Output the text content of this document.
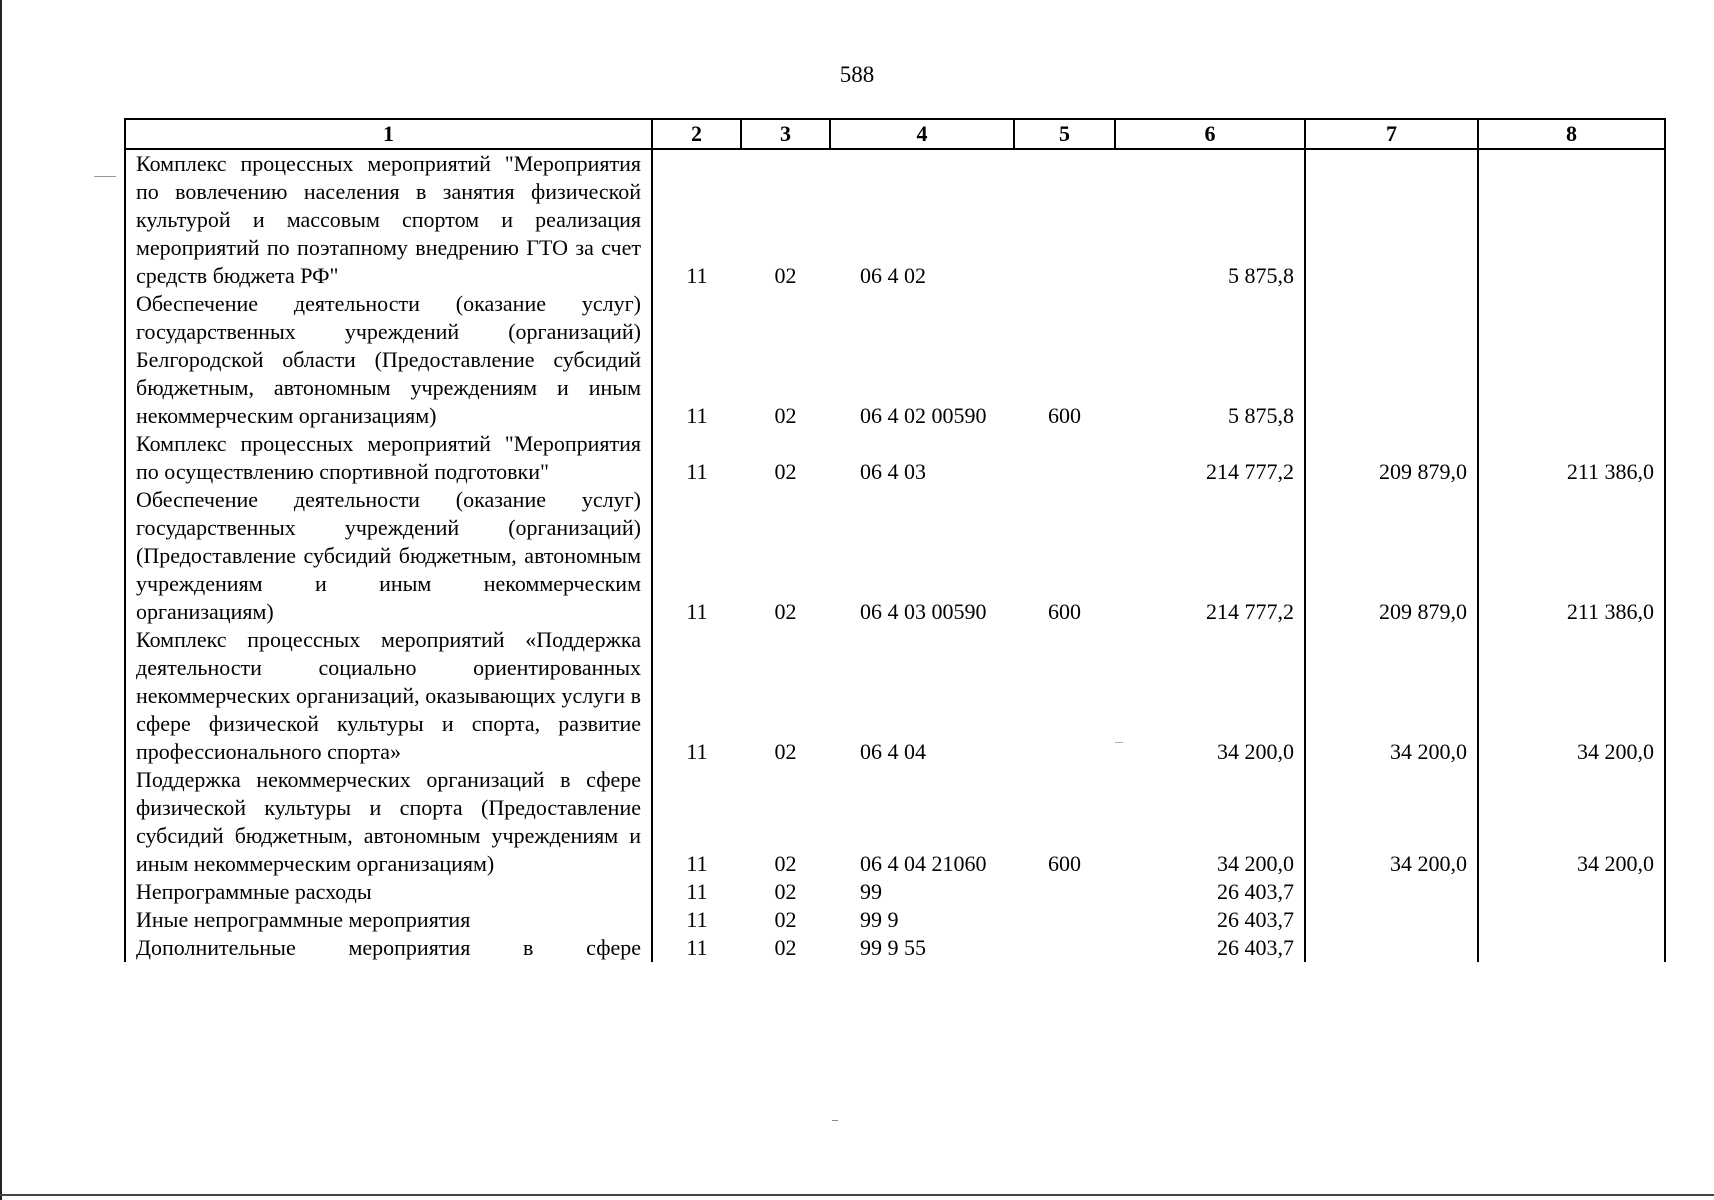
588
1	2	3	4	5	6	7	8
Комплекс процессных мероприятий "Мероприятия по вовлечению населения в занятия физической культурой и массовым спортом и реализация мероприятий по поэтапному внедрению ГТО за счет средств бюджета РФ"	11	02	06 4 02		5 875,8		
Обеспечение деятельности (оказание услуг) государственных учреждений (организаций) Белгородской области (Предоставление субсидий бюджетным, автономным учреждениям и иным некоммерческим организациям)	11	02	06 4 02 00590	600	5 875,8		
Комплекс процессных мероприятий "Мероприятия по осуществлению спортивной подготовки"	11	02	06 4 03		214 777,2	209 879,0	211 386,0
Обеспечение деятельности (оказание услуг) государственных учреждений (организаций) (Предоставление субсидий бюджетным, автономным учреждениям и иным некоммерческим организациям)	11	02	06 4 03 00590	600	214 777,2	209 879,0	211 386,0
Комплекс процессных мероприятий «Поддержка деятельности социально ориентированных некоммерческих организаций, оказывающих услуги в сфере физической культуры и спорта, развитие профессионального спорта»	11	02	06 4 04		34 200,0	34 200,0	34 200,0
Поддержка некоммерческих организаций в сфере физической культуры и спорта (Предоставление субсидий бюджетным, автономным учреждениям и иным некоммерческим организациям)	11	02	06 4 04 21060	600	34 200,0	34 200,0	34 200,0
Непрограммные расходы	11	02	99		26 403,7		
Иные непрограммные мероприятия	11	02	99 9		26 403,7		
Дополнительные мероприятия в сфере	11	02	99 9 55		26 403,7		
